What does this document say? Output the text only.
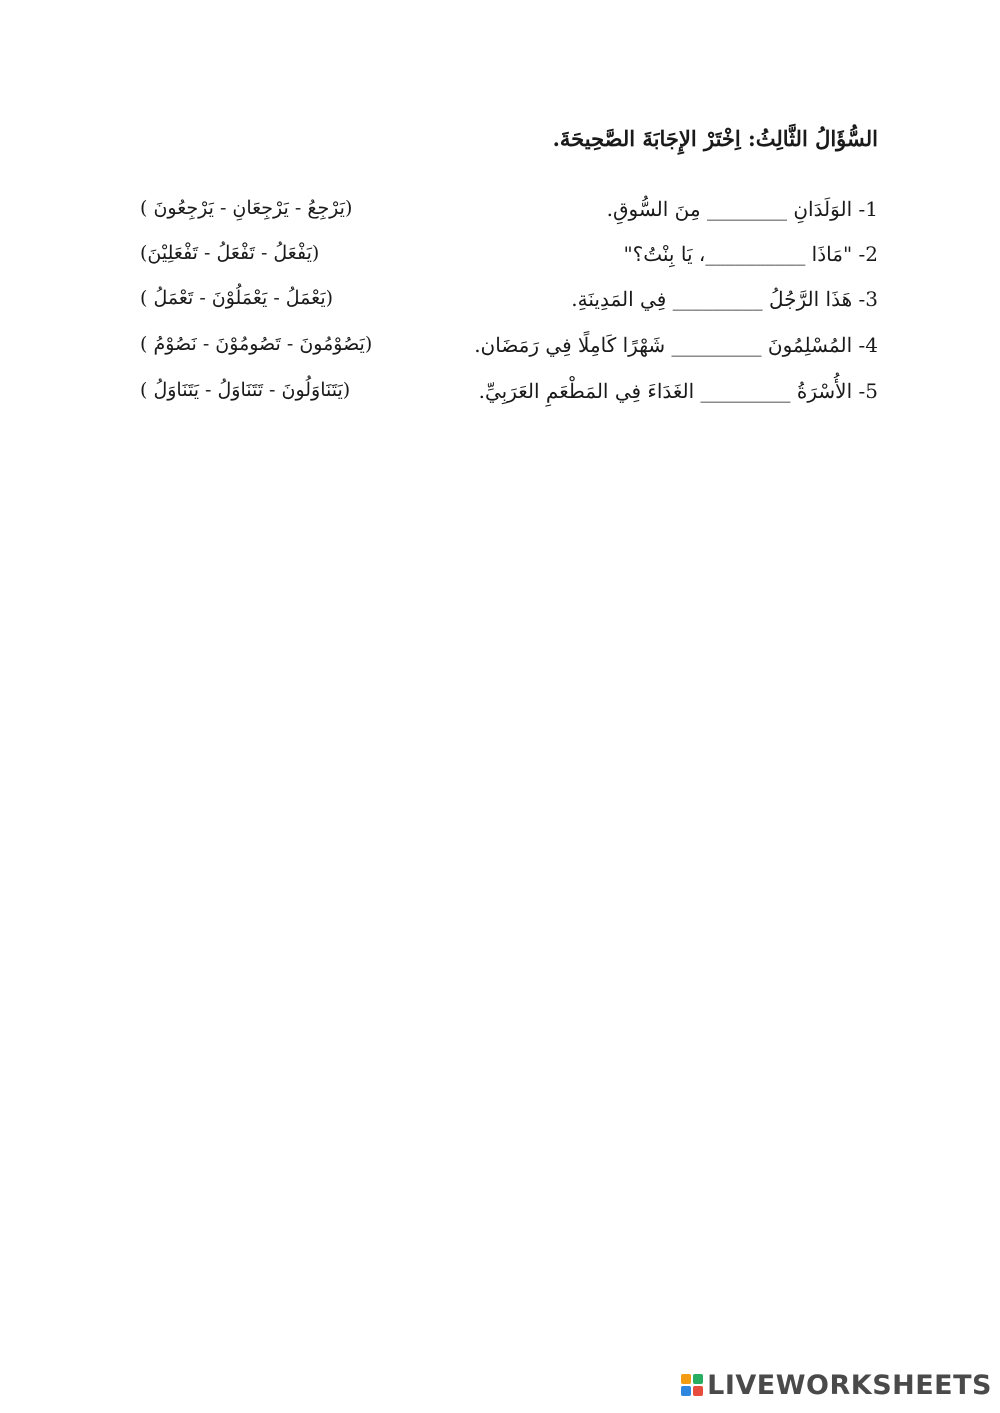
السُّؤَالُ الثَّالِثُ: اِخْتَرْ الإِجَابَةَ الصَّحِيحَةَ.
1- الوَلَدَانِ ________ مِنَ السُّوقِ.
(يَرْجِعُ - يَرْجِعَانِ - يَرْجِعُونَ )
2- "مَاذَا __________، يَا بِنْتُ؟"
(يَفْعَلُ - تَفْعَلُ - تَفْعَلِيْنَ)
3- هَذَا الرَّجُلُ _________ فِي المَدِينَةِ.
(يَعْمَلُ - يَعْمَلُوْنَ - تَعْمَلُ )
4- المُسْلِمُونَ _________ شَهْرًا كَامِلًا فِي رَمَضَان.
(يَصُوْمُونَ - تَصُومُوْنَ - نَصُوْمُ )
5- الأُسْرَةُ _________ الغَدَاءَ فِي المَطْعَمِ العَرَبِيِّ.
(يَتَنَاوَلُونَ - تَتَنَاوَلُ - يَتَنَاوَلُ )
LIVEWORKSHEETS
